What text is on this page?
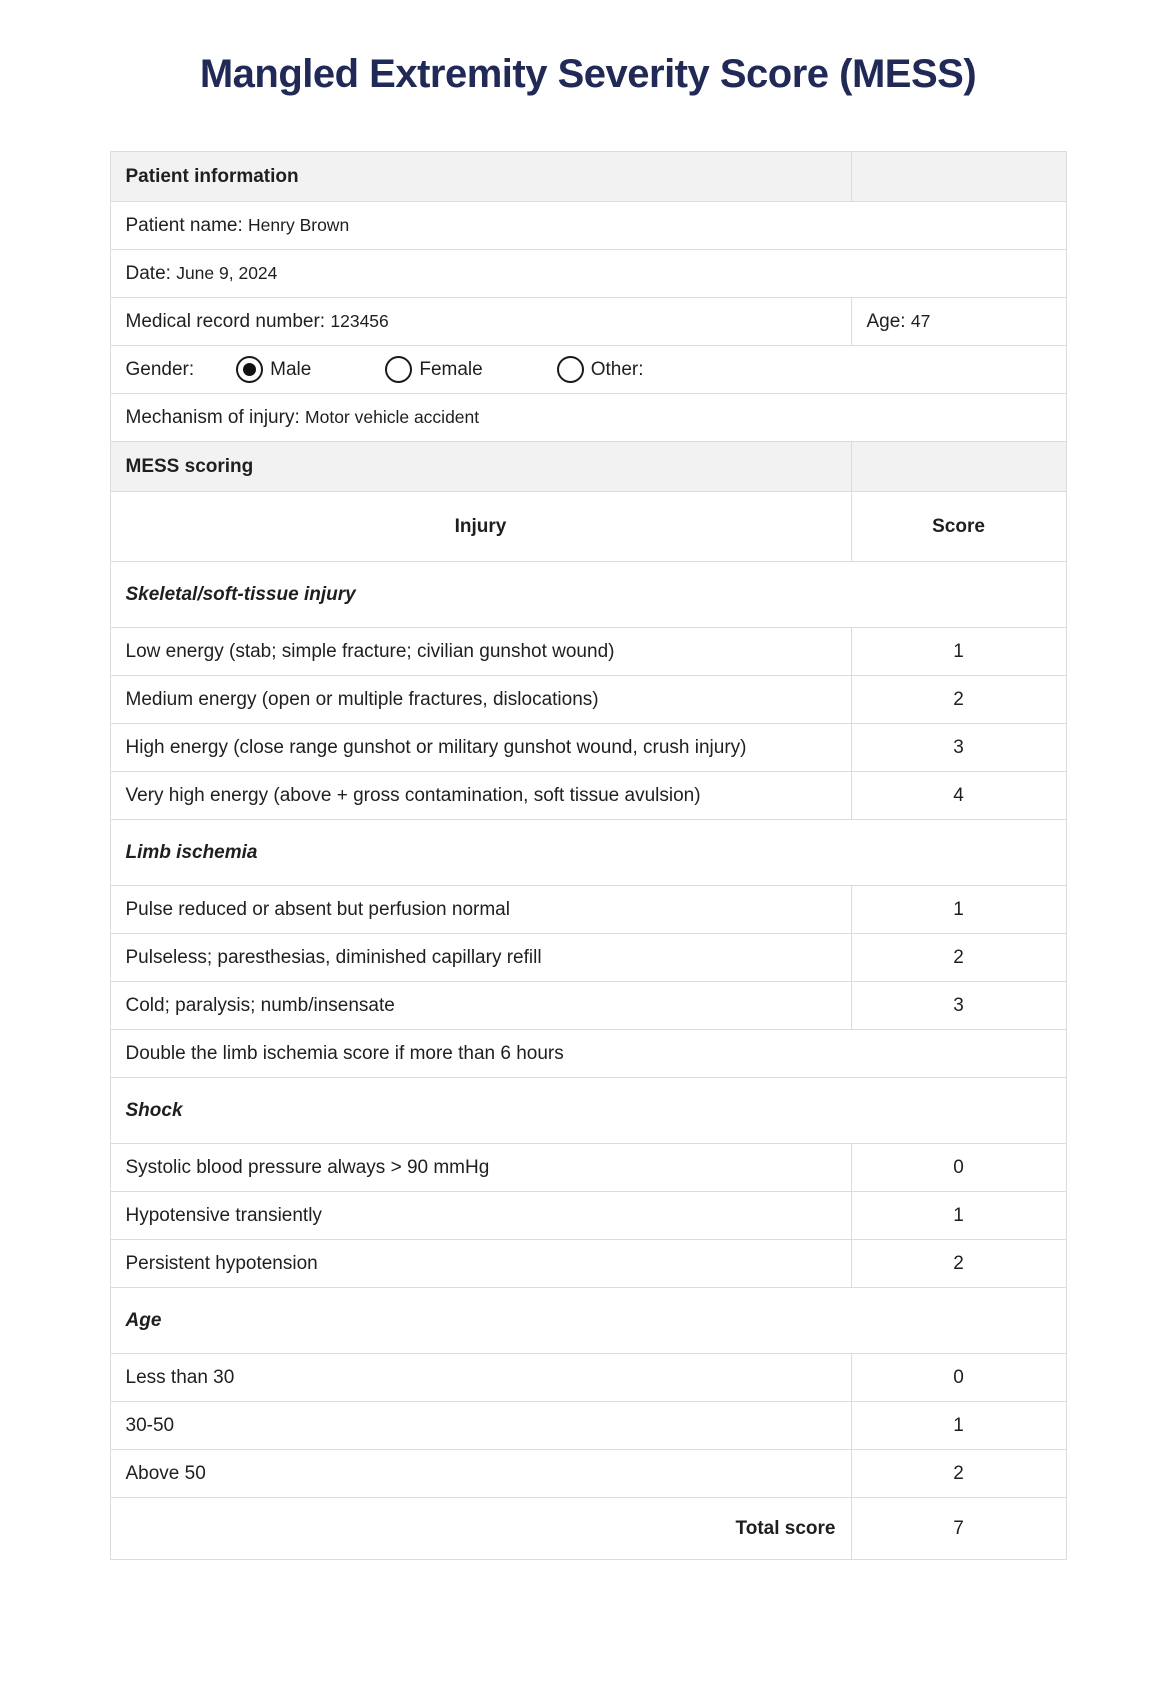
Mangled Extremity Severity Score (MESS)
Patient information	
Patient name: Henry Brown	
Date: June 9, 2024	
Medical record number: 123456	Age: 47

Gender: Male Female Other:	

Mechanism of injury: Motor vehicle accident	
MESS scoring	
Injury	Score
Skeletal/soft-tissue injury	
Low energy (stab; simple fracture; civilian gunshot wound)	1
Medium energy (open or multiple fractures, dislocations)	2
High energy (close range gunshot or military gunshot wound, crush injury)	3
Very high energy (above + gross contamination, soft tissue avulsion)	4
Limb ischemia	
Pulse reduced or absent but perfusion normal	1
Pulseless; paresthesias, diminished capillary refill	2
Cold; paralysis; numb/insensate	3
Double the limb ischemia score if more than 6 hours	
Shock	
Systolic blood pressure always > 90 mmHg	0
Hypotensive transiently	1
Persistent hypotension	2
Age	
Less than 30	0
30-50	1
Above 50	2
Total score	7
